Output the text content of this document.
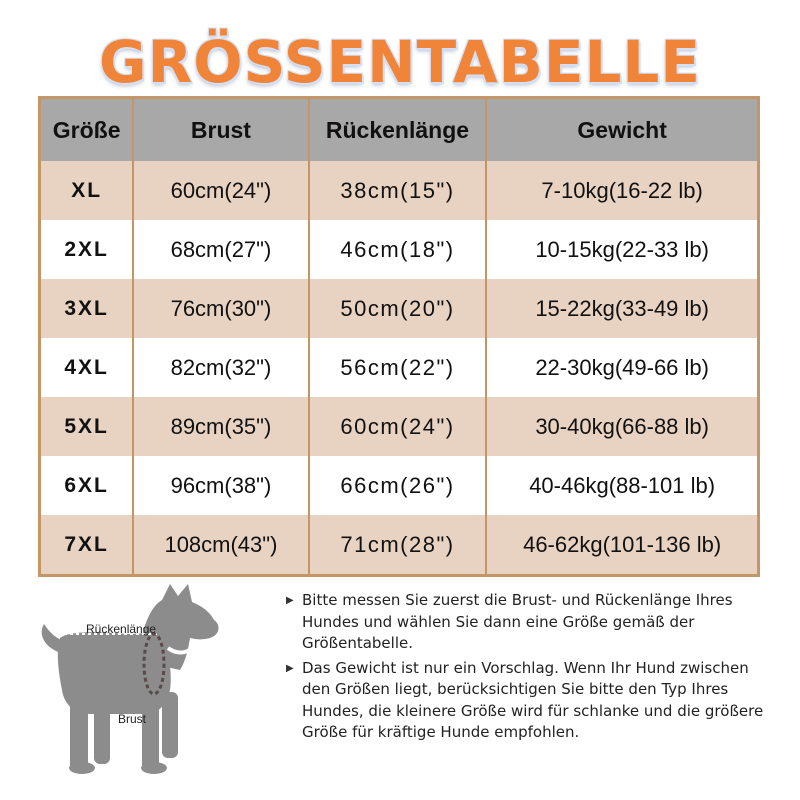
GRÖSSENTABELLE
Größe	Brust	Rückenlänge	Gewicht
XL	60cm(24")	38cm(15")	7-10kg(16-22 lb)
2XL	68cm(27")	46cm(18")	10-15kg(22-33 lb)
3XL	76cm(30")	50cm(20")	15-22kg(33-49 lb)
4XL	82cm(32")	56cm(22")	22-30kg(49-66 lb)
5XL	89cm(35")	60cm(24")	30-40kg(66-88 lb)
6XL	96cm(38")	66cm(26")	40-46kg(88-101 lb)
7XL	108cm(43")	71cm(28")	46-62kg(101-136 lb)
Rückenlänge
Brust
▶ Bitte messen Sie zuerst die Brust- und Rückenlänge Ihres Hundes und wählen Sie dann eine Größe gemäß der Größentabelle.
▶ Das Gewicht ist nur ein Vorschlag. Wenn Ihr Hund zwischen den Größen liegt, berücksichtigen Sie bitte den Typ Ihres Hundes, die kleinere Größe wird für schlanke und die größere Größe für kräftige Hunde empfohlen.
